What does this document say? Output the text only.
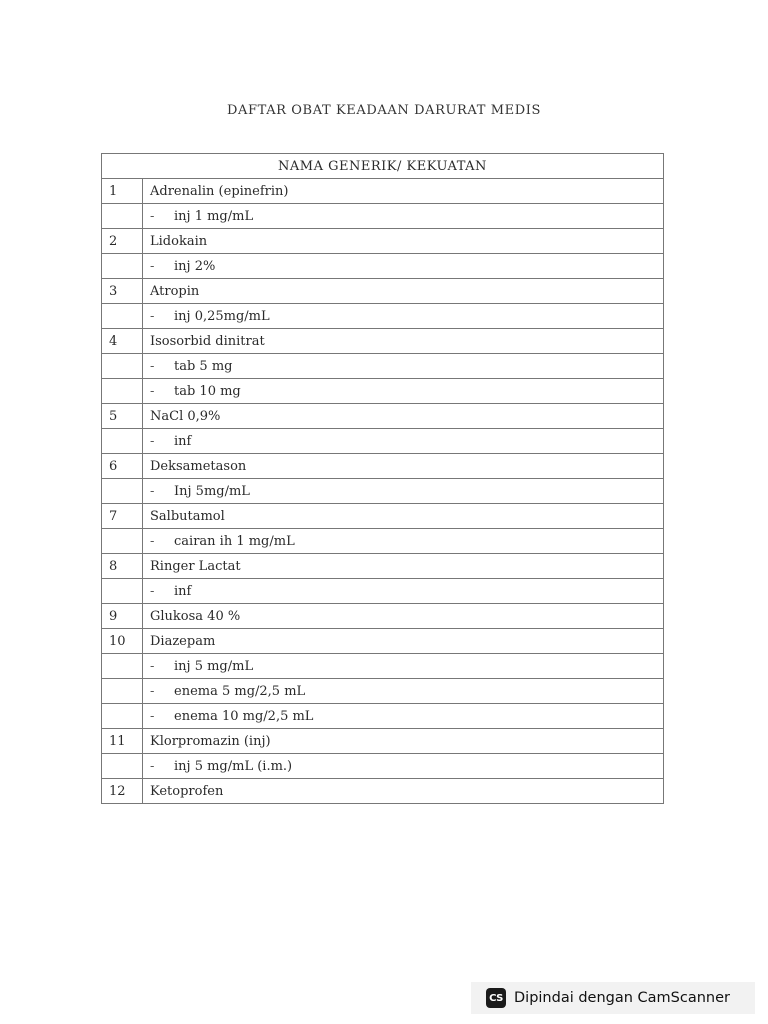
DAFTAR OBAT KEADAAN DARURAT MEDIS
NAMA GENERIK/ KEKUATAN	
1	Adrenalin (epinefrin)
	- inj 1 mg/mL
2	Lidokain
	- inj 2%
3	Atropin
	- inj 0,25mg/mL
4	Isosorbid dinitrat
	- tab 5 mg
	- tab 10 mg
5	NaCl 0,9%
	- inf
6	Deksametason
	- Inj 5mg/mL
7	Salbutamol
	- cairan ih 1 mg/mL
8	Ringer Lactat
	- inf
9	Glukosa 40 %
10	Diazepam
	- inj 5 mg/mL
	- enema 5 mg/2,5 mL
	- enema 10 mg/2,5 mL
11	Klorpromazin (inj)
	- inj 5 mg/mL (i.m.)
12	Ketoprofen
CS Dipindai dengan CamScanner
